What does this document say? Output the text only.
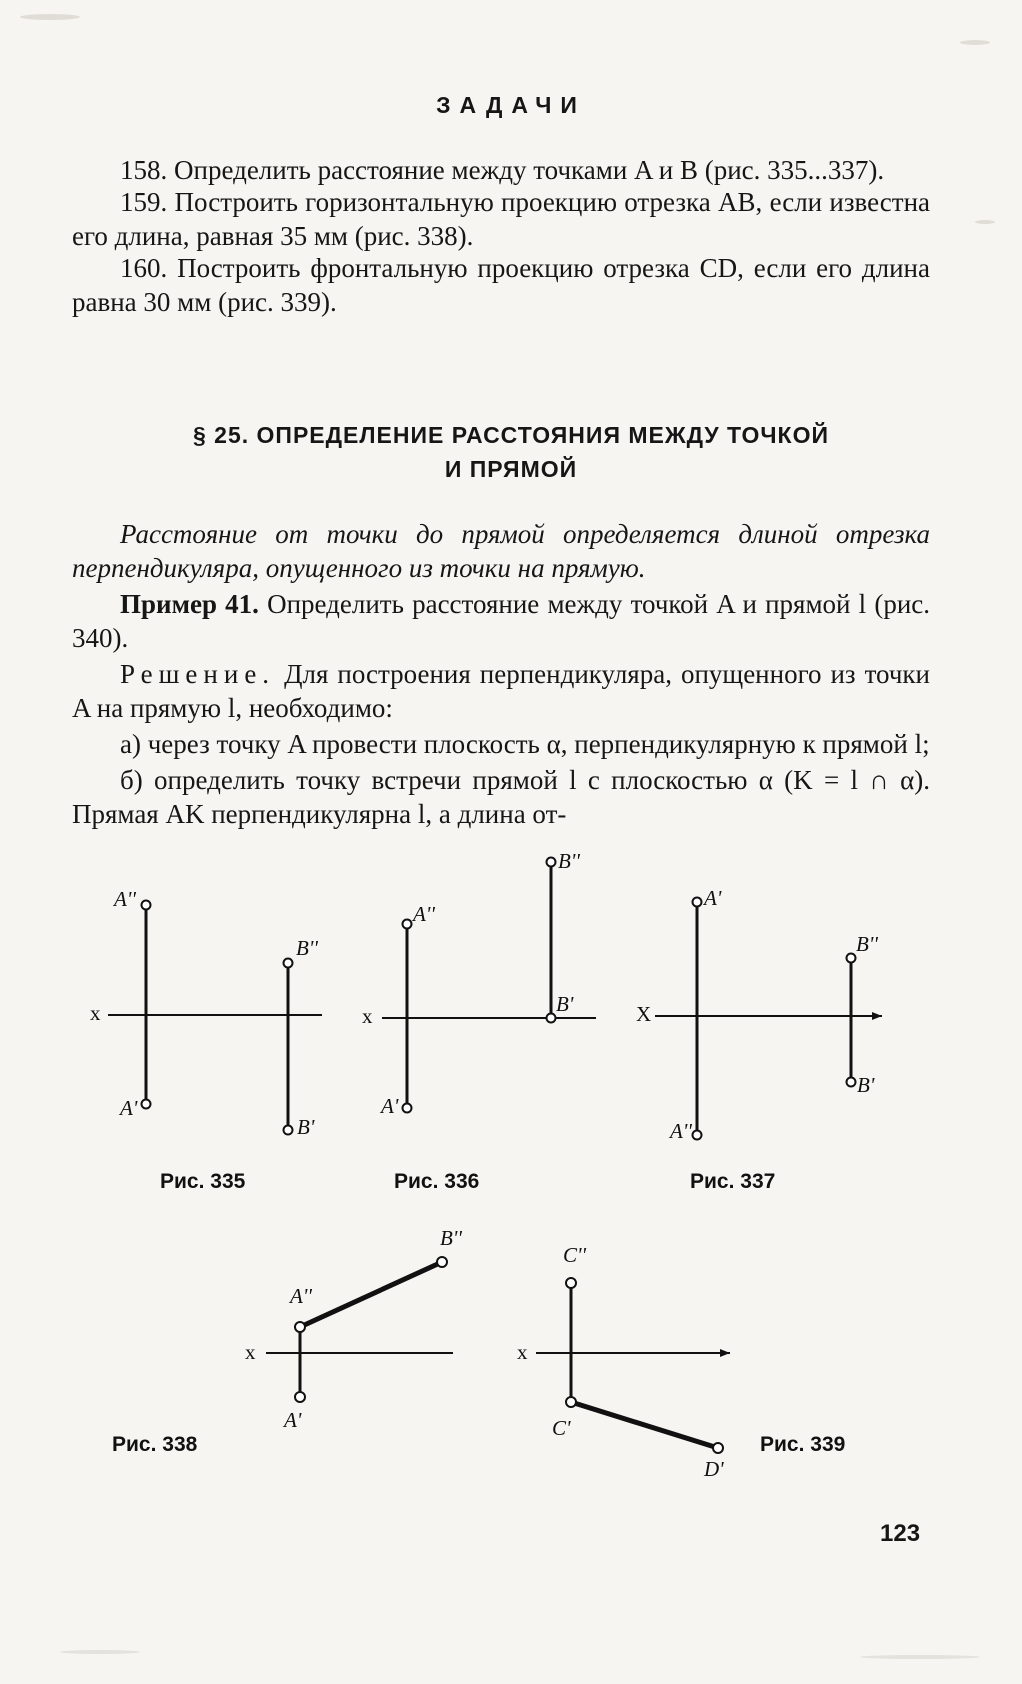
ЗАДАЧИ

158. Определить расстояние между точками A и B (рис. 335...337).

159. Построить горизонтальную проекцию отрезка AB, если известна его длина, равная 35 мм (рис. 338).

160. Построить фронтальную проекцию отрезка CD, если его длина равна 30 мм (рис. 339).

§ 25. ОПРЕДЕЛЕНИЕ РАССТОЯНИЯ МЕЖДУ ТОЧКОЙ
И ПРЯМОЙ

Расстояние от точки до прямой определяется длиной отрезка перпендикуляра, опущенного из точки на прямую.

Пример 41. Определить расстояние между точкой A и прямой l (рис. 340).

Решение. Для построения перпендикуляра, опущенного из точки A на прямую l, необходимо:

а) через точку A провести плоскость α, перпендикулярную к прямой l;

б) определить точку встречи прямой l с плоскостью α (K = l ∩ α). Прямая AK перпендикулярна l, а длина от-

x
A''
A'
B''
B'
x
A''
A'
B''
B'	X
A'
A''
B''
B'
x
A''
B''
A'
x
C''
C'
D'
Рис. 335	Рис. 336	Рис. 337
Рис. 338	Рис. 339
123
